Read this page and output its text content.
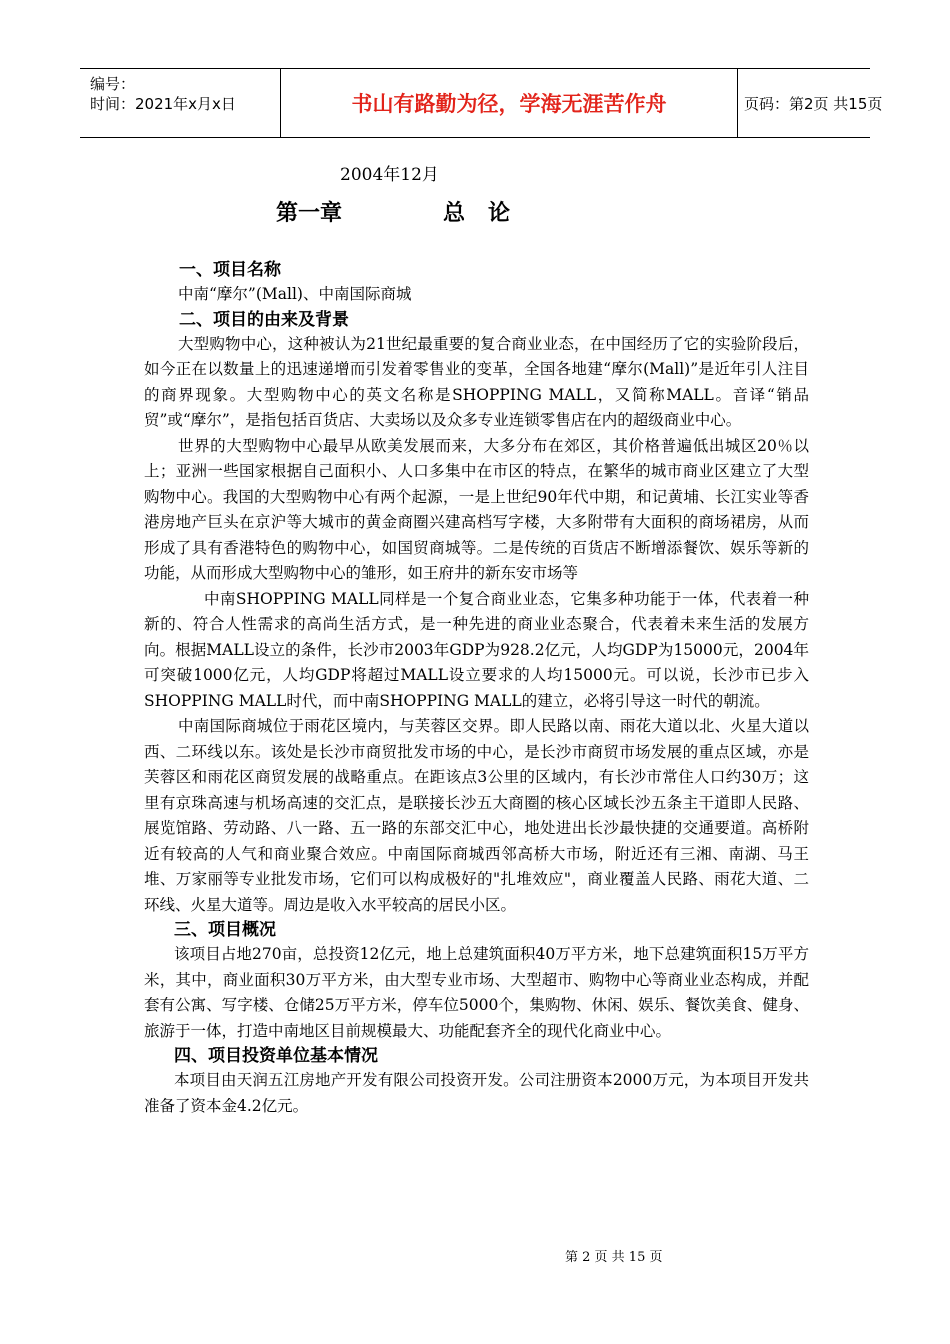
编号：
时间：2021年x月x日	书山有路勤为径，学海无涯苦作舟	页码：第2页 共15页
2004年12月
第一章	总   论
一、项目名称

中南“摩尔”(Mall)、中南国际商城

二、项目的由来及背景

大型购物中心，这种被认为21世纪最重要的复合商业业态，在中国经历了它的实验阶段后，如今正在以数量上的迅速递增而引发着零售业的变革，全国各地建“摩尔(Mall)”是近年引人注目的商界现象。大型购物中心的英文名称是SHOPPING MALL，又简称MALL。音译“销品贸”或“摩尔”，是指包括百货店、大卖场以及众多专业连锁零售店在内的超级商业中心。

世界的大型购物中心最早从欧美发展而来，大多分布在郊区，其价格普遍低出城区20％以上；亚洲一些国家根据自己面积小、人口多集中在市区的特点，在繁华的城市商业区建立了大型购物中心。我国的大型购物中心有两个起源，一是上世纪90年代中期，和记黄埔、长江实业等香港房地产巨头在京沪等大城市的黄金商圈兴建高档写字楼，大多附带有大面积的商场裙房，从而形成了具有香港特色的购物中心，如国贸商城等。二是传统的百货店不断增添餐饮、娱乐等新的功能，从而形成大型购物中心的雏形，如王府井的新东安市场等

中南SHOPPING MALL同样是一个复合商业业态，它集多种功能于一体，代表着一种新的、符合人性需求的高尚生活方式，是一种先进的商业业态聚合，代表着未来生活的发展方向。根据MALL设立的条件，长沙市2003年GDP为928.2亿元，人均GDP为15000元，2004年可突破1000亿元，人均GDP将超过MALL设立要求的人均15000元。可以说，长沙市已步入SHOPPING MALL时代，而中南SHOPPING MALL的建立，必将引导这一时代的朝流。

中南国际商城位于雨花区境内，与芙蓉区交界。即人民路以南、雨花大道以北、火星大道以西、二环线以东。该处是长沙市商贸批发市场的中心，是长沙市商贸市场发展的重点区域，亦是芙蓉区和雨花区商贸发展的战略重点。在距该点3公里的区域内，有长沙市常住人口约30万；这里有京珠高速与机场高速的交汇点，是联接长沙五大商圈的核心区域长沙五条主干道即人民路、展览馆路、劳动路、八一路、五一路的东部交汇中心，地处进出长沙最快捷的交通要道。高桥附近有较高的人气和商业聚合效应。中南国际商城西邻高桥大市场，附近还有三湘、南湖、马王堆、万家丽等专业批发市场，它们可以构成极好的"扎堆效应"，商业覆盖人民路、雨花大道、二环线、火星大道等。周边是收入水平较高的居民小区。

三、项目概况

该项目占地270亩，总投资12亿元，地上总建筑面积40万平方米，地下总建筑面积15万平方米，其中，商业面积30万平方米，由大型专业市场、大型超市、购物中心等商业业态构成，并配套有公寓、写字楼、仓储25万平方米，停车位5000个，集购物、休闲、娱乐、餐饮美食、健身、旅游于一体，打造中南地区目前规模最大、功能配套齐全的现代化商业中心。

四、项目投资单位基本情况

本项目由天润五江房地产开发有限公司投资开发。公司注册资本2000万元，为本项目开发共准备了资本金4.2亿元。

第 2 页 共 15 页
